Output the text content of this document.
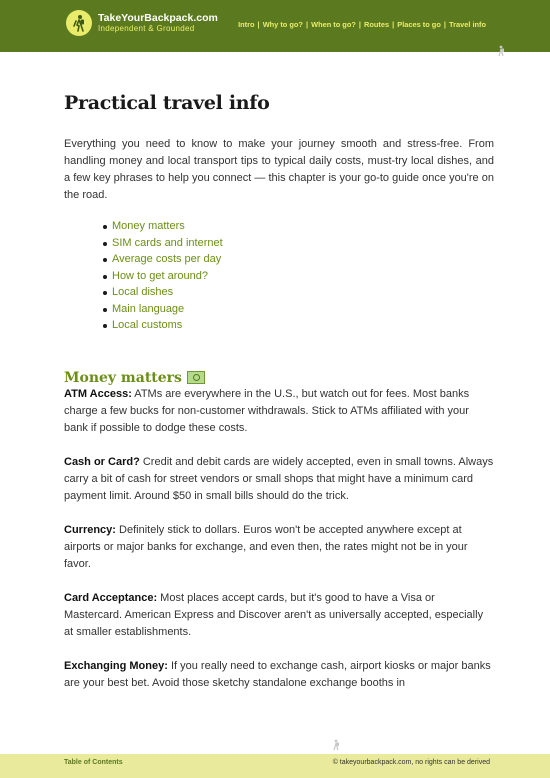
TakeYourBackpack.com
Independent & Grounded	Intro | Why to go? | When to go? | Routes | Places to go | Travel info
Practical travel info

Everything you need to know to make your journey smooth and stress-free. From handling money and local transport tips to typical daily costs, must-try local dishes, and a few key phrases to help you connect — this chapter is your go-to guide once you're on the road.

Money matters
SIM cards and internet
Average costs per day
How to get around?
Local dishes
Main language
Local customs
Money matters

ATM Access: ATMs are everywhere in the U.S., but watch out for fees. Most banks charge a few bucks for non-customer withdrawals. Stick to ATMs affiliated with your bank if possible to dodge these costs.

Cash or Card? Credit and debit cards are widely accepted, even in small towns. Always carry a bit of cash for street vendors or small shops that might have a minimum card payment limit. Around $50 in small bills should do the trick.

Currency: Definitely stick to dollars. Euros won't be accepted anywhere except at airports or major banks for exchange, and even then, the rates might not be in your favor.

Card Acceptance: Most places accept cards, but it's good to have a Visa or Mastercard. American Express and Discover aren't as universally accepted, especially at smaller establishments.

Exchanging Money: If you really need to exchange cash, airport kiosks or major banks are your best bet. Avoid those sketchy standalone exchange booths in

Table of Contents	© takeyourbackpack.com, no rights can be derived
